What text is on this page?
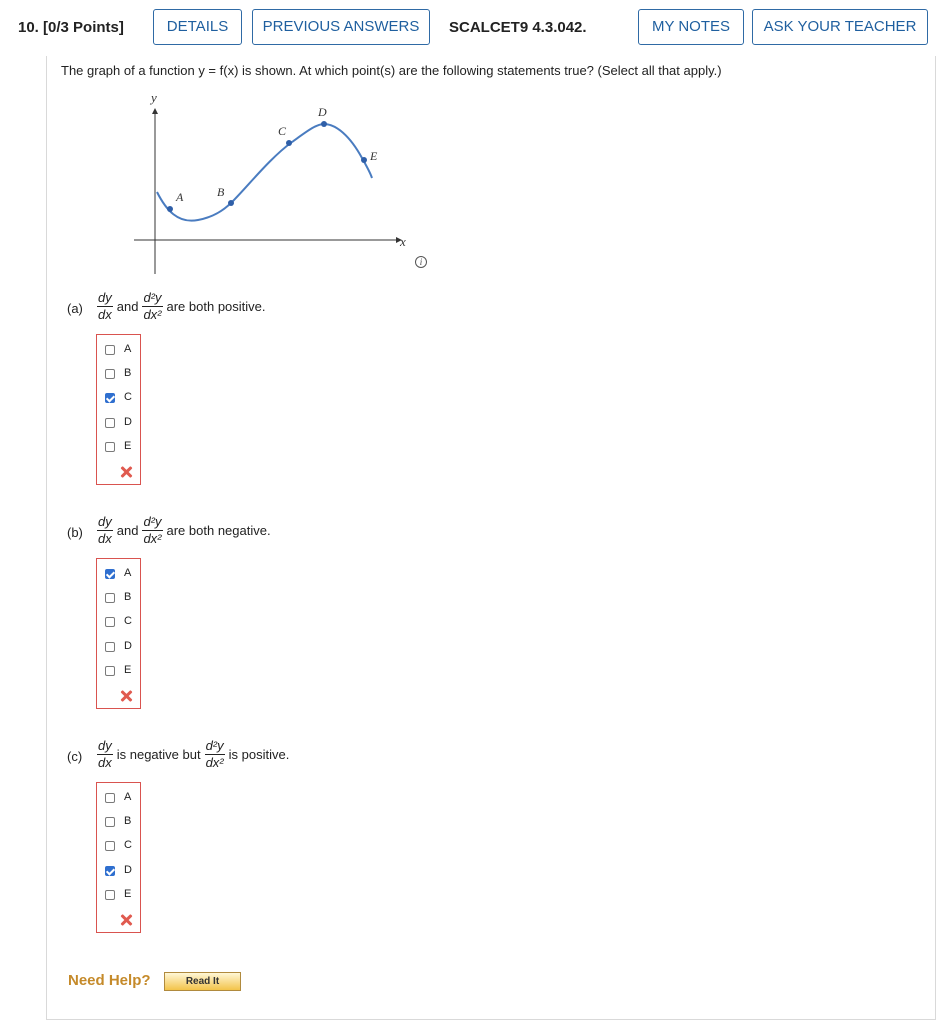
10. [0/3 Points]	DETAILS	PREVIOUS ANSWERS	SCALCET9 4.3.042.	MY NOTES	ASK YOUR TEACHER
The graph of a function y = f(x) is shown. At which point(s) are the following statements true? (Select all that apply.)
x
y
A	B
C
D
E
i
$(a) \frac{dy}{dx}$ and $\frac{\text{d²y}}{\text{dx²}}$ are both positive.
A
B
C
D
E
$(b) \frac{dy}{dx}$ and $\frac{\text{d²y}}{\text{dx²}}$ are both negative.
A
B
C
D
E
$(c) \frac{dy}{dx}$ is negative but $\frac{\text{d²y}}{\text{dx²}}$ is positive.
A
B
C
D
E
Need Help?	Read It
